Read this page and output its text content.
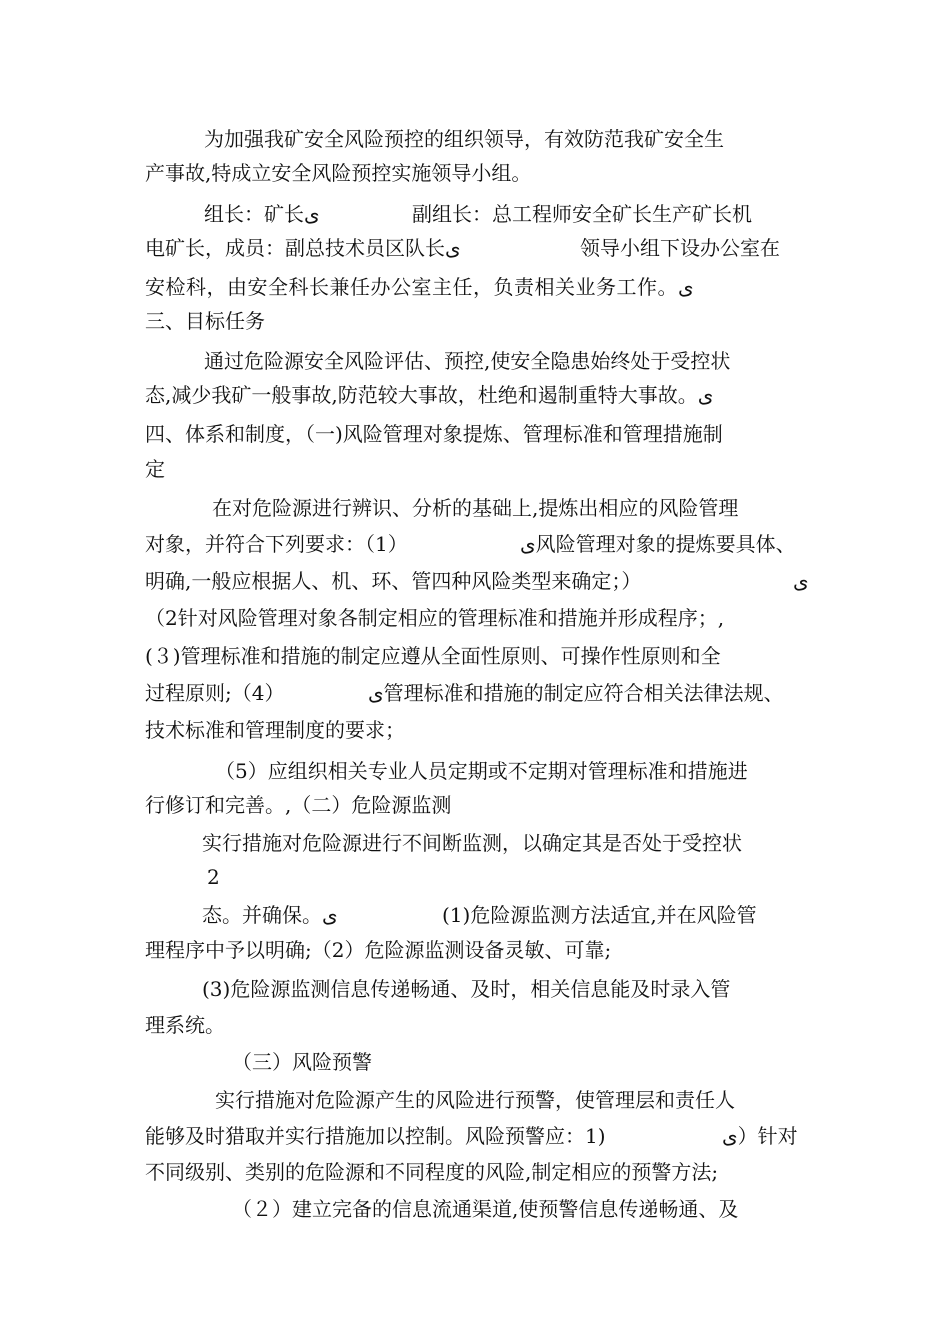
为加强我矿安全风险预控的组织领导，有效防范我矿安全生
产事故,特成立安全风险预控实施领导小组。
组长：矿长ى	副组长：总工程师安全矿长生产矿长机
电矿长，成员：副总技术员区队长ى	领导小组下设办公室在
安检科，由安全科长兼任办公室主任，负责相关业务工作。ى
三、目标任务
通过危险源安全风险评估、预控,使安全隐患始终处于受控状
态,减少我矿一般事故,防范较大事故，杜绝和遏制重特大事故。ى
四、体系和制度，（一)风险管理对象提炼、管理标准和管理措施制
定
在对危险源进行辨识、分析的基础上,提炼出相应的风险管理
对象，并符合下列要求：（1）	ى风险管理对象的提炼要具体、
明确,一般应根据人、机、环、管四种风险类型来确定；）	ى
（2针对风险管理对象各制定相应的管理标准和措施并形成程序；,
(３)管理标准和措施的制定应遵从全面性原则、可操作性原则和全
过程原则;（4）	ى管理标准和措施的制定应符合相关法律法规、
技术标准和管理制度的要求；
（5）应组织相关专业人员定期或不定期对管理标准和措施进
行修订和完善。,（二）危险源监测
实行措施对危险源进行不间断监测，以确定其是否处于受控状
2
态。并确保。ى	(1)危险源监测方法适宜,并在风险管
理程序中予以明确;（2）危险源监测设备灵敏、可靠;
(3)危险源监测信息传递畅通、及时，相关信息能及时录入管
理系统。
（三）风险预警
实行措施对危险源产生的风险进行预警，使管理层和责任人
能够及时猎取并实行措施加以控制。风险预警应：1)	ى）针对
不同级别、类别的危险源和不同程度的风险,制定相应的预警方法;
（２）建立完备的信息流通渠道,使预警信息传递畅通、及
